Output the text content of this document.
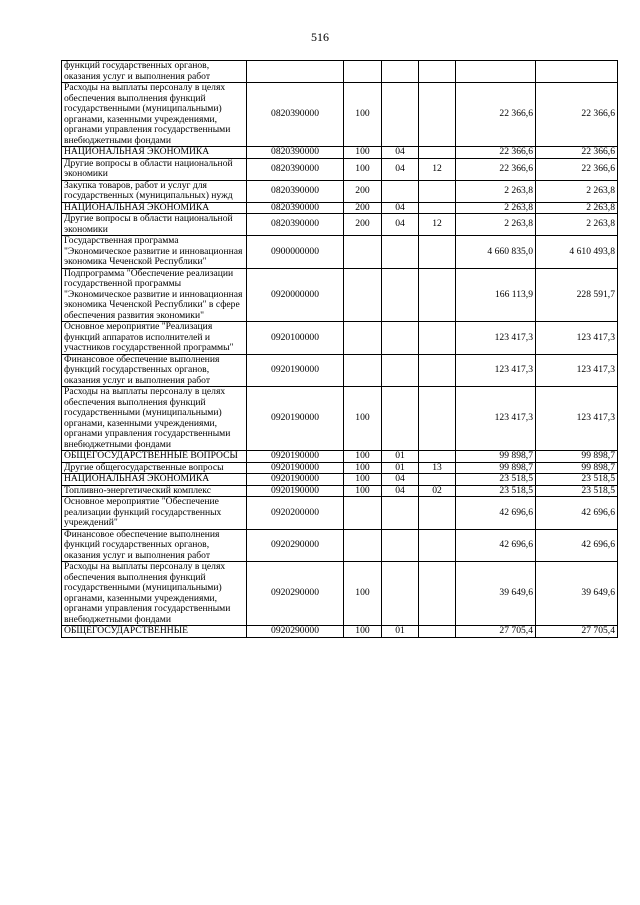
516
функций государственных органов, оказания услуг и выполнения работ						
Расходы на выплаты персоналу в целях обеспечения выполнения функций государственными (муниципальными) органами, казенными учреждениями, органами управления государственными внебюджетными фондами	0820390000	100			22 366,6	22 366,6
НАЦИОНАЛЬНАЯ ЭКОНОМИКА	0820390000	100	04		22 366,6	22 366,6
Другие вопросы в области национальной экономики	0820390000	100	04	12	22 366,6	22 366,6
Закупка товаров, работ и услуг для государственных (муниципальных) нужд	0820390000	200			2 263,8	2 263,8
НАЦИОНАЛЬНАЯ ЭКОНОМИКА	0820390000	200	04		2 263,8	2 263,8
Другие вопросы в области национальной экономики	0820390000	200	04	12	2 263,8	2 263,8
Государственная программа "Экономическое развитие и инновационная экономика Чеченской Республики"	0900000000				4 660 835,0	4 610 493,8
Подпрограмма "Обеспечение реализации государственной программы "Экономическое развитие и инновационная экономика Чеченской Республики" в сфере обеспечения развития экономики"	0920000000				166 113,9	228 591,7
Основное мероприятие "Реализация функций аппаратов исполнителей и участников государственной программы"	0920100000				123 417,3	123 417,3
Финансовое обеспечение выполнения функций государственных органов, оказания услуг и выполнения работ	0920190000				123 417,3	123 417,3
Расходы на выплаты персоналу в целях обеспечения выполнения функций государственными (муниципальными) органами, казенными учреждениями, органами управления государственными внебюджетными фондами	0920190000	100			123 417,3	123 417,3
ОБЩЕГОСУДАРСТВЕННЫЕ ВОПРОСЫ	0920190000	100	01		99 898,7	99 898,7
Другие общегосударственные вопросы	0920190000	100	01	13	99 898,7	99 898,7
НАЦИОНАЛЬНАЯ ЭКОНОМИКА	0920190000	100	04		23 518,5	23 518,5
Топливно-энергетический комплекс	0920190000	100	04	02	23 518,5	23 518,5
Основное мероприятие "Обеспечение реализации функций государственных учреждений"	0920200000				42 696,6	42 696,6
Финансовое обеспечение выполнения функций государственных органов, оказания услуг и выполнения работ	0920290000				42 696,6	42 696,6
Расходы на выплаты персоналу в целях обеспечения выполнения функций государственными (муниципальными) органами, казенными учреждениями, органами управления государственными внебюджетными фондами	0920290000	100			39 649,6	39 649,6
ОБЩЕГОСУДАРСТВЕННЫЕ	0920290000	100	01		27 705,4	27 705,4
